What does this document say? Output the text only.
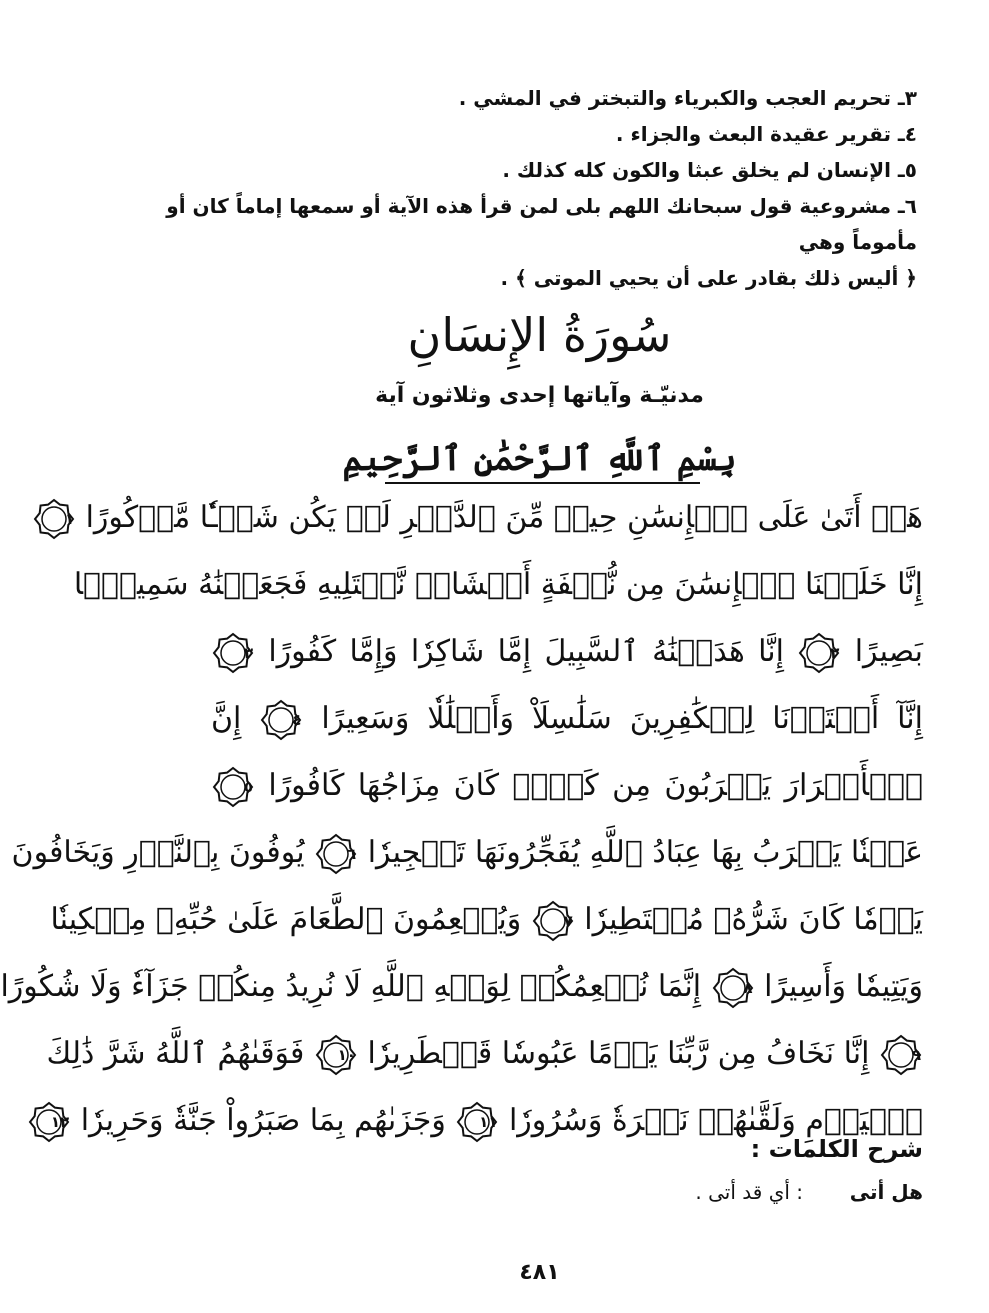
٣ـ تحريم العجب والكبرياء والتبختر في المشي .
٤ـ تقرير عقيدة البعث والجزاء .
٥ـ الإنسان لم يخلق عبثا والكون كله كذلك .
٦ـ مشروعية قول سبحانك اللهم بلى لمن قرأ هذه الآية أو سمعها إماماً كان أو مأموماً وهي
﴿ أليس ذلك بقادر على أن يحيي الموتى ﴾ .
سُورَةُ الإِنسَانِ
مدنيّـة وآياتها إحدى وثلاثون آية
بِسْمِ ٱللَّهِ ٱلرَّحْمَٰنِ ٱلرَّحِيمِ
هَلۡ أَتَىٰ عَلَى ٱلۡإِنسَٰنِ حِينٞ مِّنَ ٱلدَّهۡرِ لَمۡ يَكُن شَيۡـٔٗا مَّذۡكُورًا
١
إِنَّا خَلَقۡنَا ٱلۡإِنسَٰنَ مِن نُّطۡفَةٍ أَمۡشَاجٖ نَّبۡتَلِيهِ فَجَعَلۡنَٰهُ سَمِيعَۢا
بَصِيرًا
٢
إِنَّا هَدَيۡنَٰهُ ٱلسَّبِيلَ إِمَّا شَاكِرٗا وَإِمَّا كَفُورًا
٣
إِنَّآ أَعۡتَدۡنَا لِلۡكَٰفِرِينَ سَلَٰسِلَاْ وَأَغۡلَٰلٗا وَسَعِيرًا
٤
إِنَّ
ٱلۡأَبۡرَارَ يَشۡرَبُونَ مِن كَأۡسٖ كَانَ مِزَاجُهَا كَافُورًا
٥
عَيۡنٗا يَشۡرَبُ بِهَا عِبَادُ ٱللَّهِ يُفَجِّرُونَهَا تَفۡجِيرٗا
٦
يُوفُونَ بِٱلنَّذۡرِ وَيَخَافُونَ
يَوۡمٗا كَانَ شَرُّهُۥ مُسۡتَطِيرٗا
٧
وَيُطۡعِمُونَ ٱلطَّعَامَ عَلَىٰ حُبِّهِۦ مِسۡكِينٗا
وَيَتِيمٗا وَأَسِيرًا
٨
إِنَّمَا نُطۡعِمُكُمۡ لِوَجۡهِ ٱللَّهِ لَا نُرِيدُ مِنكُمۡ جَزَآءٗ وَلَا شُكُورًا
٩
إِنَّا نَخَافُ مِن رَّبِّنَا يَوۡمًا عَبُوسٗا قَمۡطَرِيرٗا
١٠
فَوَقَىٰهُمُ ٱللَّهُ شَرَّ ذَٰلِكَ
ٱلۡيَوۡمِ وَلَقَّىٰهُمۡ نَضۡرَةٗ وَسُرُورٗا
١١
وَجَزَىٰهُم بِمَا صَبَرُواْ جَنَّةٗ وَحَرِيرٗا
١٢
شرح الكلمات :
هل أتى
: أي قد أتى .
٤٨١
